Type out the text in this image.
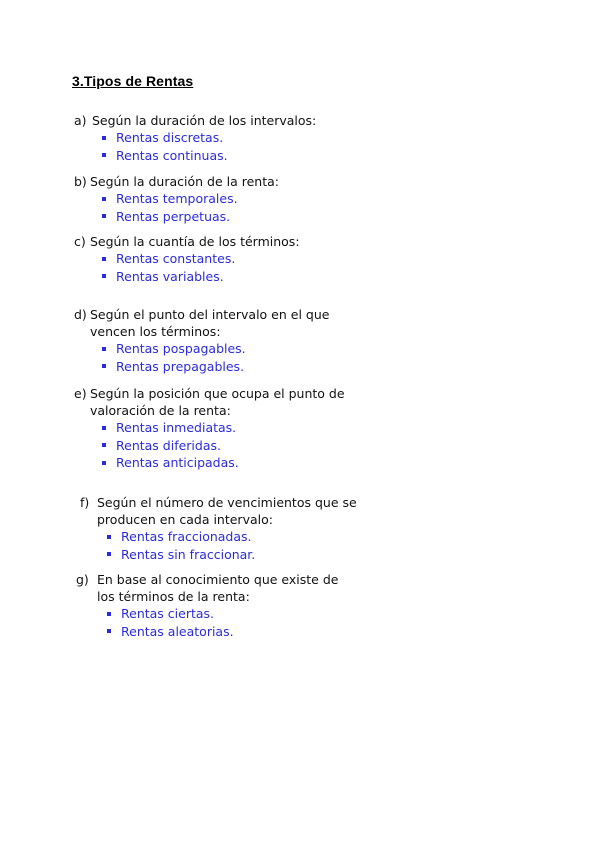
3.Tipos de Rentas
a) Según la duración de los intervalos:
Rentas discretas.
Rentas continuas.
b) Según la duración de la renta:
Rentas temporales.
Rentas perpetuas.
c) Según la cuantía de los términos:
Rentas constantes.
Rentas variables.
d) Según el punto del intervalo en el que
vencen los términos:
Rentas pospagables.
Rentas prepagables.
e) Según la posición que ocupa el punto de
valoración de la renta:
Rentas inmediatas.
Rentas diferidas.
Rentas anticipadas.
f) Según el número de vencimientos que se
producen en cada intervalo:
Rentas fraccionadas.
Rentas sin fraccionar.
g) En base al conocimiento que existe de
los términos de la renta:
Rentas ciertas.
Rentas aleatorias.
